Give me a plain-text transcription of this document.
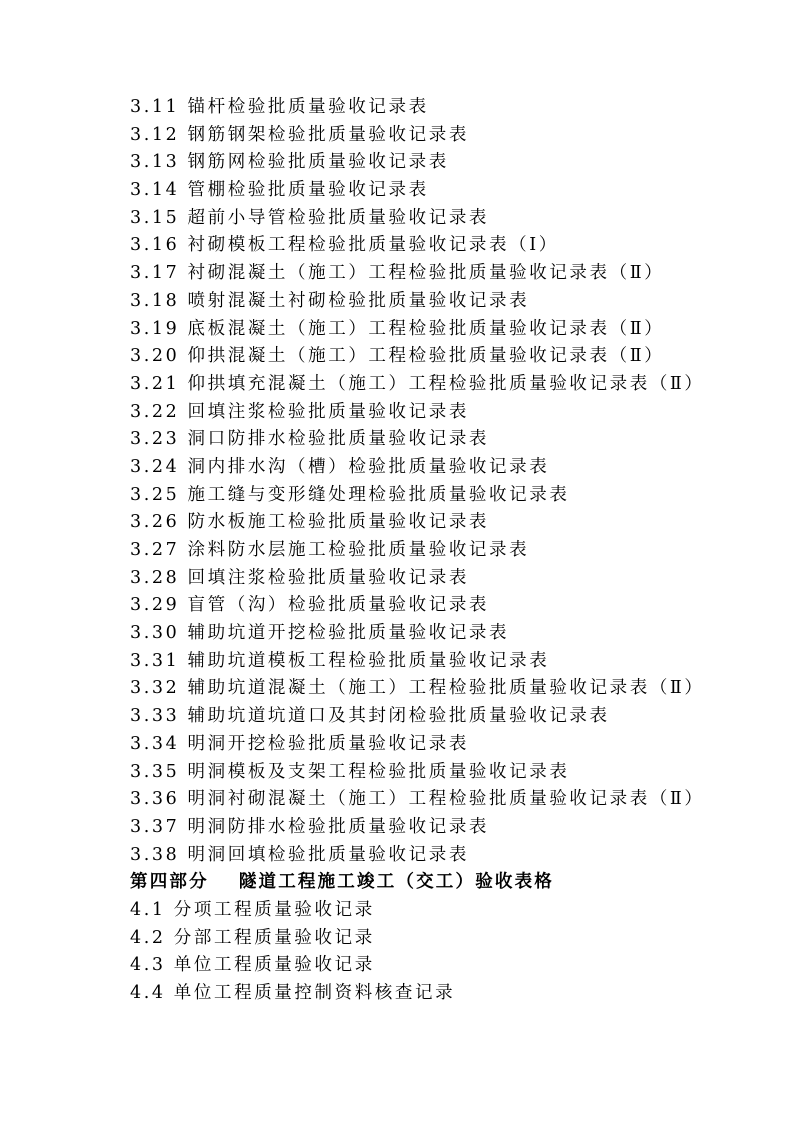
3.11 锚杆检验批质量验收记录表
3.12 钢筋钢架检验批质量验收记录表
3.13 钢筋网检验批质量验收记录表
3.14 管棚检验批质量验收记录表
3.15 超前小导管检验批质量验收记录表
3.16 衬砌模板工程检验批质量验收记录表（Ⅰ）
3.17 衬砌混凝土（施工）工程检验批质量验收记录表（Ⅱ）
3.18 喷射混凝土衬砌检验批质量验收记录表
3.19 底板混凝土（施工）工程检验批质量验收记录表（Ⅱ）
3.20 仰拱混凝土（施工）工程检验批质量验收记录表（Ⅱ）
3.21 仰拱填充混凝土（施工）工程检验批质量验收记录表（Ⅱ）
3.22 回填注浆检验批质量验收记录表
3.23 洞口防排水检验批质量验收记录表
3.24 洞内排水沟（槽）检验批质量验收记录表
3.25 施工缝与变形缝处理检验批质量验收记录表
3.26 防水板施工检验批质量验收记录表
3.27 涂料防水层施工检验批质量验收记录表
3.28 回填注浆检验批质量验收记录表
3.29 盲管（沟）检验批质量验收记录表
3.30 辅助坑道开挖检验批质量验收记录表
3.31 辅助坑道模板工程检验批质量验收记录表
3.32 辅助坑道混凝土（施工）工程检验批质量验收记录表（Ⅱ）
3.33 辅助坑道坑道口及其封闭检验批质量验收记录表
3.34 明洞开挖检验批质量验收记录表
3.35 明洞模板及支架工程检验批质量验收记录表
3.36 明洞衬砌混凝土（施工）工程检验批质量验收记录表（Ⅱ）
3.37 明洞防排水检验批质量验收记录表
3.38 明洞回填检验批质量验收记录表
第四部分 隧道工程施工竣工（交工）验收表格
4.1 分项工程质量验收记录
4.2 分部工程质量验收记录
4.3 单位工程质量验收记录
4.4 单位工程质量控制资料核查记录
